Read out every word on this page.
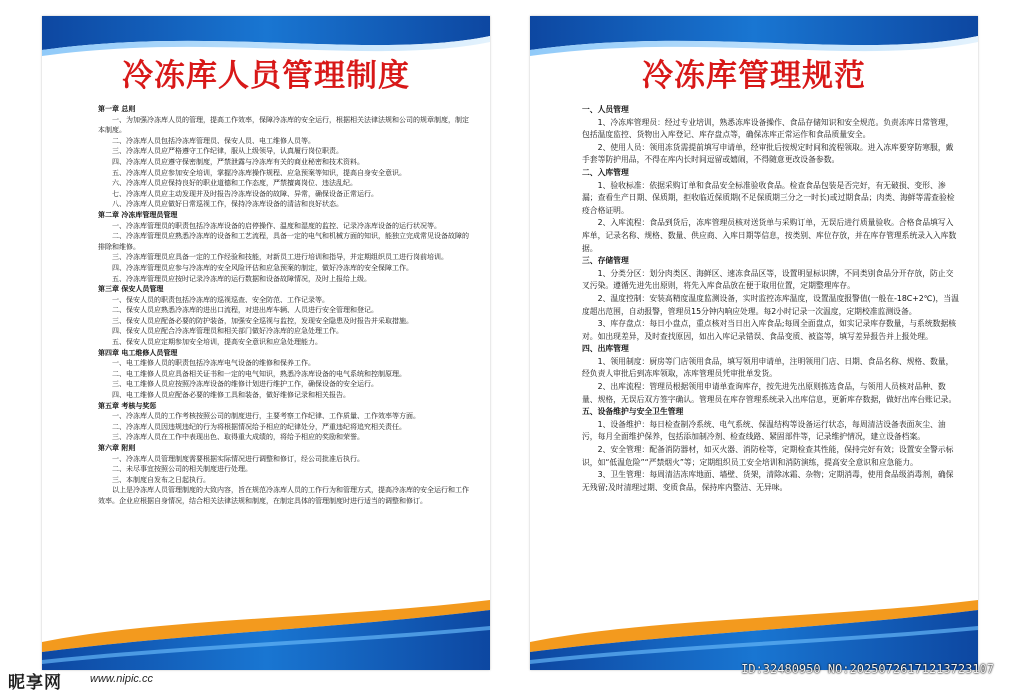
冷冻库人员管理制度
第一章 总则
一、为加强冷冻库人员的管理，提高工作效率，保障冷冻库的安全运行，根据相关法律法规和公司的规章制度，制定本制度。
二、冷冻库人员包括冷冻库管理员、保安人员、电工维修人员等。
三、冷冻库人员应严格遵守工作纪律，服从上级领导，认真履行岗位职责。
四、冷冻库人员应遵守保密制度，严禁泄露与冷冻库有关的商业秘密和技术资料。
五、冷冻库人员应参加安全培训，掌握冷冻库操作规程、应急预案等知识，提高自身安全意识。
六、冷冻库人员应保持良好的职业道德和工作态度，严禁擅离岗位、违法乱纪。
七、冷冻库人员应主动发现并及时报告冷冻库设备的故障、异常，确保设备正常运行。
八、冷冻库人员应做好日常巡视工作，保持冷冻库设备的清洁和良好状态。
第二章 冷冻库管理员管理
一、冷冻库管理员的职责包括冷冻库设备的启停操作、温度和湿度的监控、记录冷冻库设备的运行状况等。
二、冷冻库管理员应熟悉冷冻库的设备和工艺流程，具备一定的电气和机械方面的知识，能独立完成常见设备故障的排除和维修。
三、冷冻库管理员应具备一定的工作经验和技能，对新员工进行培训和指导，并定期组织员工进行岗前培训。
四、冷冻库管理员应参与冷冻库的安全风险评估和应急预案的制定，做好冷冻库的安全保障工作。
五、冷冻库管理员应按时记录冷冻库的运行数据和设备故障情况，及时上报给上级。
第三章 保安人员管理
一、保安人员的职责包括冷冻库的巡视巡查、安全防范、工作记录等。
二、保安人员应熟悉冷冻库的进出口流程，对进出库车辆、人员进行安全管理和登记。
三、保安人员应配备必要的防护装备，加强安全巡视与监控，发现安全隐患及时报告并采取措施。
四、保安人员应配合冷冻库管理员和相关部门做好冷冻库的应急处理工作。
五、保安人员应定期参加安全培训，提高安全意识和应急处理能力。
第四章 电工维修人员管理
一、电工维修人员的职责包括冷冻库电气设备的维修和保养工作。
二、电工维修人员应具备相关证书和一定的电气知识，熟悉冷冻库设备的电气系统和控制原理。
三、电工维修人员应按照冷冻库设备的维修计划进行维护工作，确保设备的安全运行。
四、电工维修人员应配备必要的维修工具和装备，做好维修记录和相关报告。
第五章 考核与奖惩
一、冷冻库人员的工作考核按照公司的制度进行，主要考察工作纪律、工作质量、工作效率等方面。
二、冷冻库人员因违规违纪的行为将根据情况给予相应的纪律处分，严重违纪将追究相关责任。
三、冷冻库人员在工作中表现出色、取得重大成绩的，将给予相应的奖励和荣誉。
第六章 附则
一、冷冻库人员管理制度需要根据实际情况进行调整和修订，经公司批准后执行。
二、未尽事宜按照公司的相关制度进行处理。
三、本制度自发布之日起执行。
以上是冷冻库人员管理制度的大致内容，旨在规范冷冻库人员的工作行为和管理方式，提高冷冻库的安全运行和工作效率。企业应根据自身情况，结合相关法律法规和制度，在制定具体的管理制度时进行适当的调整和修订。
冷冻库管理规范
一、人员管理
1、冷冻库管理员：经过专业培训，熟悉冻库设备操作、食品存储知识和安全规范。负责冻库日常管理，包括温度监控、货物出入库登记、库存盘点等，确保冻库正常运作和食品质量安全。
2、使用人员：领用冻货需提前填写申请单，经审批后按规定时间和流程领取。进入冻库要穿防寒服，戴手套等防护用品，不得在库内长时间逗留或嬉闹，不得随意更改设备参数。
二、入库管理
1、验收标准：依据采购订单和食品安全标准验收食品。检查食品包装是否完好，有无破损、变形、渗漏；查看生产日期、保质期，拒收临近保质期(不足保质期三分之一时长)或过期食品；肉类、海鲜等需查验检疫合格证明。
2、入库流程：食品到货后，冻库管理员核对送货单与采购订单，无误后进行质量验收。合格食品填写入库单，记录名称、规格、数量、供应商、入库日期等信息，按类别、库位存放，并在库存管理系统录入入库数据。
三、存储管理
1、分类分区：划分肉类区、海鲜区、速冻食品区等，设置明显标识牌，不同类别食品分开存放，防止交叉污染。遵循先进先出原则，将先入库食品放在便于取用位置，定期整理库存。
2、温度控制：安装高精度温度监测设备，实时监控冻库温度，设置温度报警值(一般在-18C+2℃)，当温度超出范围，自动报警，管理员15分钟内响应处理。每2小时记录一次温度，定期校准监测设备。
3、库存盘点：每日小盘点，重点核对当日出入库食品;每周全面盘点，如实记录库存数量，与系统数据核对。如出现差异，及时查找原因，如出入库记录错误、食品变质、被盗等，填写差异报告并上报处理。
四、出库管理
1、领用制度：厨房等门店领用食品，填写领用申请单，注明领用门店、日期、食品名称、规格、数量，经负责人审批后到冻库领取，冻库管理员凭审批单发货。
2、出库流程：管理员根据领用申请单查询库存，按先进先出原则拣选食品，与领用人员核对品种、数量、规格，无误后双方签字确认。管理员在库存管理系统录入出库信息，更新库存数据，做好出库台账记录。
五、设备维护与安全卫生管理
1、设备维护：每日检查制冷系统、电气系统、保温结构等设备运行状态，每周清洁设备表面灰尘、油污，每月全面维护保养，包括添加制冷剂、检查线路、紧固部件等，记录维护情况，建立设备档案。
2、安全管理：配备消防器材，如灭火器、消防栓等，定期检查其性能，保持完好有效；设置安全警示标识，如“低温危险”“严禁烟火”等；定期组织员工安全培训和消防演练，提高安全意识和应急能力。
3、卫生管理：每周清洁冻库地面、墙壁、货架，清除冰霜、杂物；定期消毒，使用食品级消毒剂，确保无残留;及时清理过期、变质食品，保持库内整洁、无异味。
昵享网	www.nipic.cc
ID:32480950 NO:20250726171213723107
